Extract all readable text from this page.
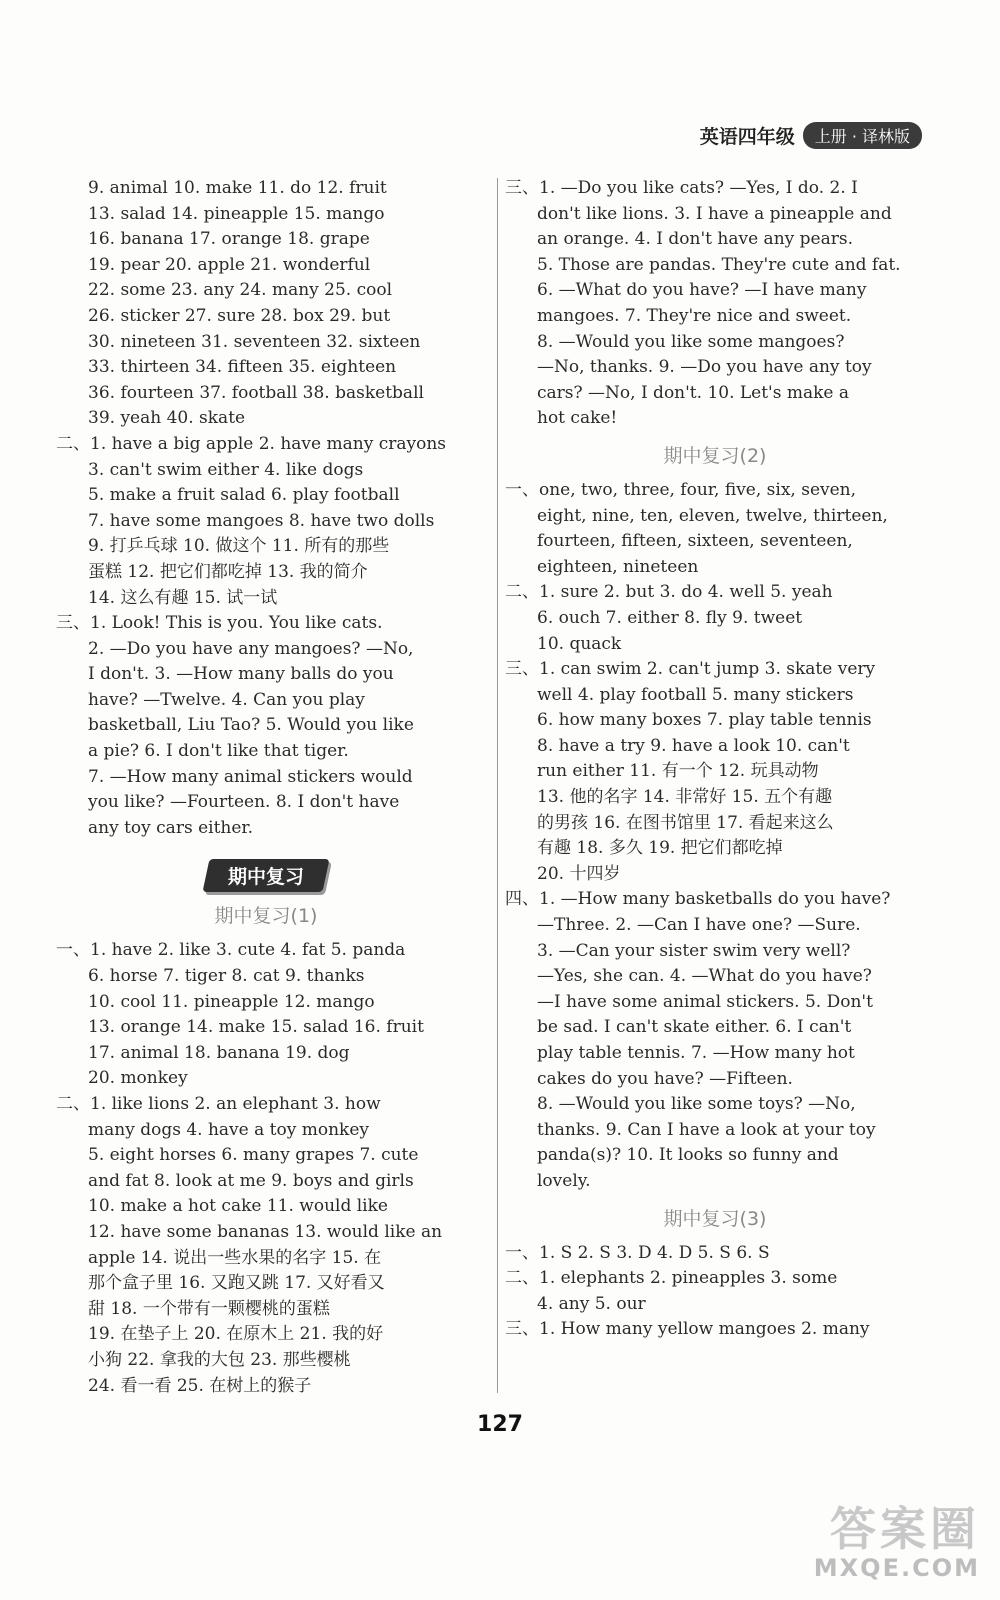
英语四年级	上册 · 译林版
9. animal 10. make 11. do 12. fruit
13. salad 14. pineapple 15. mango
16. banana 17. orange 18. grape
19. pear 20. apple 21. wonderful
22. some 23. any 24. many 25. cool
26. sticker 27. sure 28. box 29. but
30. nineteen 31. seventeen 32. sixteen
33. thirteen 34. fifteen 35. eighteen
36. fourteen 37. football 38. basketball
39. yeah 40. skate
二、1. have a big apple 2. have many crayons
3. can't swim either 4. like dogs
5. make a fruit salad 6. play football
7. have some mangoes 8. have two dolls
9. 打乒乓球 10. 做这个 11. 所有的那些
蛋糕 12. 把它们都吃掉 13. 我的简介
14. 这么有趣 15. 试一试
三、1. Look! This is you. You like cats.
2. —Do you have any mangoes? —No,
I don't. 3. —How many balls do you
have? —Twelve. 4. Can you play
basketball, Liu Tao? 5. Would you like
a pie? 6. I don't like that tiger.
7. —How many animal stickers would
you like? —Fourteen. 8. I don't have
any toy cars either.
期中复习
期中复习(1)
一、1. have 2. like 3. cute 4. fat 5. panda
6. horse 7. tiger 8. cat 9. thanks
10. cool 11. pineapple 12. mango
13. orange 14. make 15. salad 16. fruit
17. animal 18. banana 19. dog
20. monkey
二、1. like lions 2. an elephant 3. how
many dogs 4. have a toy monkey
5. eight horses 6. many grapes 7. cute
and fat 8. look at me 9. boys and girls
10. make a hot cake 11. would like
12. have some bananas 13. would like an
apple 14. 说出一些水果的名字 15. 在
那个盒子里 16. 又跑又跳 17. 又好看又
甜 18. 一个带有一颗樱桃的蛋糕
19. 在垫子上 20. 在原木上 21. 我的好
小狗 22. 拿我的大包 23. 那些樱桃
24. 看一看 25. 在树上的猴子
三、1. —Do you like cats? —Yes, I do. 2. I
don't like lions. 3. I have a pineapple and
an orange. 4. I don't have any pears.
5. Those are pandas. They're cute and fat.
6. —What do you have? —I have many
mangoes. 7. They're nice and sweet.
8. —Would you like some mangoes?
—No, thanks. 9. —Do you have any toy
cars? —No, I don't. 10. Let's make a
hot cake!
期中复习(2)
一、one, two, three, four, five, six, seven,
eight, nine, ten, eleven, twelve, thirteen,
fourteen, fifteen, sixteen, seventeen,
eighteen, nineteen
二、1. sure 2. but 3. do 4. well 5. yeah
6. ouch 7. either 8. fly 9. tweet
10. quack
三、1. can swim 2. can't jump 3. skate very
well 4. play football 5. many stickers
6. how many boxes 7. play table tennis
8. have a try 9. have a look 10. can't
run either 11. 有一个 12. 玩具动物
13. 他的名字 14. 非常好 15. 五个有趣
的男孩 16. 在图书馆里 17. 看起来这么
有趣 18. 多久 19. 把它们都吃掉
20. 十四岁
四、1. —How many basketballs do you have?
—Three. 2. —Can I have one? —Sure.
3. —Can your sister swim very well?
—Yes, she can. 4. —What do you have?
—I have some animal stickers. 5. Don't
be sad. I can't skate either. 6. I can't
play table tennis. 7. —How many hot
cakes do you have? —Fifteen.
8. —Would you like some toys? —No,
thanks. 9. Can I have a look at your toy
panda(s)? 10. It looks so funny and
lovely.
期中复习(3)
一、1. S 2. S 3. D 4. D 5. S 6. S
二、1. elephants 2. pineapples 3. some
4. any 5. our
三、1. How many yellow mangoes 2. many
127
答案圈
MXQE.COM
